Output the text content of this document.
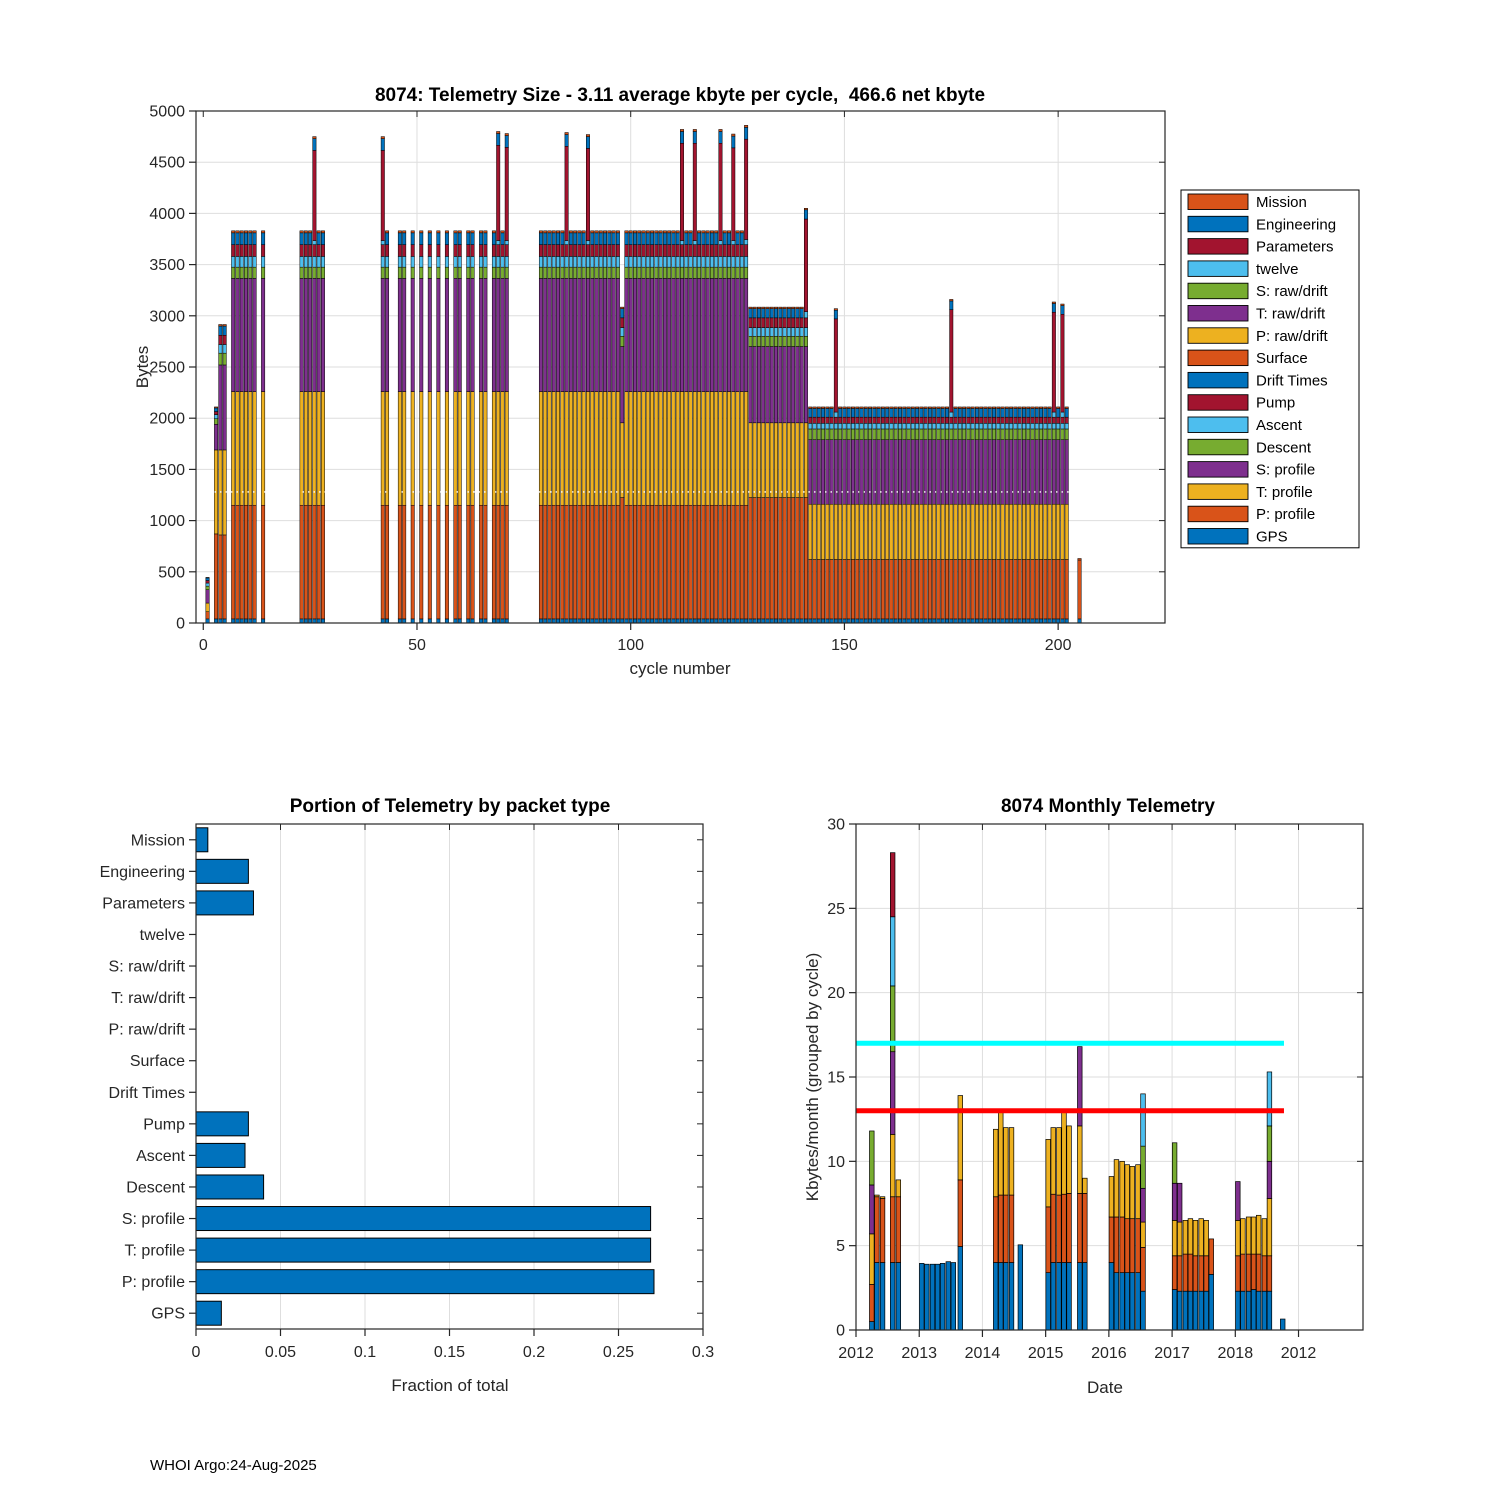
0	50	100	150	200
0
500
1000
1500
2000
2500
3000
3500
4000
4500
5000
Mission
Engineering
Parameters
twelve
S: raw/drift
T: raw/drift
P: raw/drift
Surface
Drift Times
Pump
Ascent
Descent
S: profile
T: profile
P: profile
GPS
Mission
Engineering
Parameters
twelve
S: raw/drift
T: raw/drift
P: raw/drift
Surface
Drift Times
Pump
Ascent
Descent
S: profile
T: profile
P: profile
GPS
0	0.05	0.1	0.15	0.2	0.25	0.3	2012 2013 2014 2015 2016 2017 2018 2012
0
5
10
15
20
25
30
8074: Telemetry Size - 3.11 average kbyte per cycle,  466.6 net kbyte
Bytes
cycle number
Portion of Telemetry by packet type
Fraction of total
8074 Monthly Telemetry
Kbytes/month (grouped by cycle)
Date
WHOI Argo:24-Aug-2025
